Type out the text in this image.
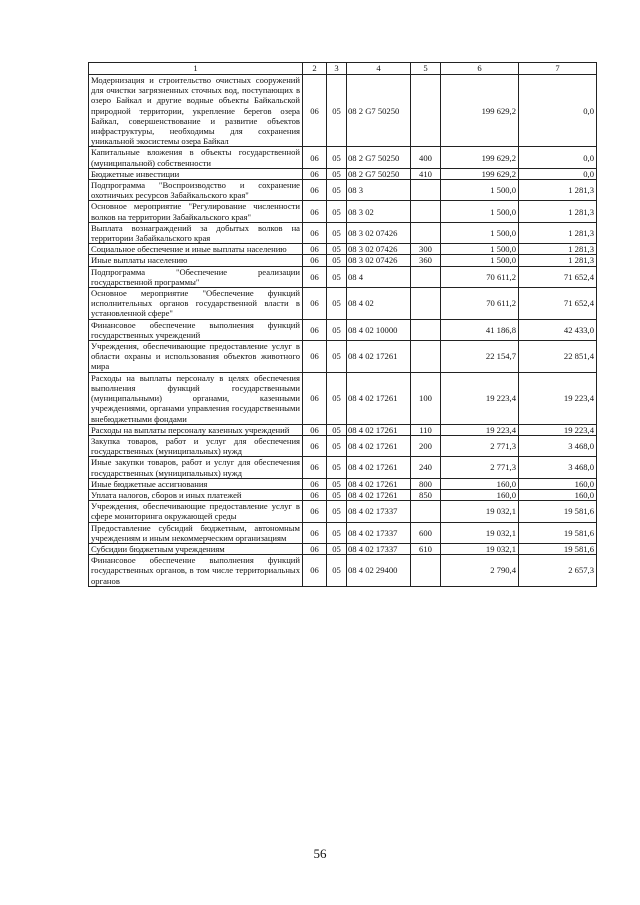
1	2	3	4	5	6	7
Модернизация и строительство очистных сооружений для очистки загрязненных сточных вод, поступающих в озеро Байкал и другие водные объекты Байкальской природной территории, укрепление берегов озера Байкал, совершенствование и развитие объектов инфраструктуры, необходимы для сохранения уникальной экосистемы озера Байкал	06	05	08 2 G7 50250		199 629,2	0,0
Капитальные вложения в объекты государственной (муниципальной) собственности	06	05	08 2 G7 50250	400	199 629,2	0,0
Бюджетные инвестиции	06	05	08 2 G7 50250	410	199 629,2	0,0
Подпрограмма "Воспроизводство и сохранение охотничьих ресурсов Забайкальского края"	06	05	08 3		1 500,0	1 281,3
Основное мероприятие "Регулирование численности волков на территории Забайкальского края"	06	05	08 3 02		1 500,0	1 281,3
Выплата вознаграждений за добытых волков на территории Забайкальского края	06	05	08 3 02 07426		1 500,0	1 281,3
Социальное обеспечение и иные выплаты населению	06	05	08 3 02 07426	300	1 500,0	1 281,3
Иные выплаты населению	06	05	08 3 02 07426	360	1 500,0	1 281,3
Подпрограмма "Обеспечение реализации государственной программы"	06	05	08 4		70 611,2	71 652,4
Основное мероприятие "Обеспечение функций исполнительных органов государственной власти в установленной сфере"	06	05	08 4 02		70 611,2	71 652,4
Финансовое обеспечение выполнения функций государственных учреждений	06	05	08 4 02 10000		41 186,8	42 433,0
Учреждения, обеспечивающие предоставление услуг в области охраны и использования объектов животного мира	06	05	08 4 02 17261		22 154,7	22 851,4
Расходы на выплаты персоналу в целях обеспечения выполнения функций государственными (муниципальными) органами, казенными учреждениями, органами управления государственными внебюджетными фондами	06	05	08 4 02 17261	100	19 223,4	19 223,4
Расходы на выплаты персоналу казенных учреждений	06	05	08 4 02 17261	110	19 223,4	19 223,4
Закупка товаров, работ и услуг для обеспечения государственных (муниципальных) нужд	06	05	08 4 02 17261	200	2 771,3	3 468,0
Иные закупки товаров, работ и услуг для обеспечения государственных (муниципальных) нужд	06	05	08 4 02 17261	240	2 771,3	3 468,0
Иные бюджетные ассигнования	06	05	08 4 02 17261	800	160,0	160,0
Уплата налогов, сборов и иных платежей	06	05	08 4 02 17261	850	160,0	160,0
Учреждения, обеспечивающие предоставление услуг в сфере мониторинга окружающей среды	06	05	08 4 02 17337		19 032,1	19 581,6
Предоставление субсидий бюджетным, автономным учреждениям и иным некоммерческим организациям	06	05	08 4 02 17337	600	19 032,1	19 581,6
Субсидии бюджетным учреждениям	06	05	08 4 02 17337	610	19 032,1	19 581,6
Финансовое обеспечение выполнения функций государственных органов, в том числе территориальных органов	06	05	08 4 02 29400		2 790,4	2 657,3
56
